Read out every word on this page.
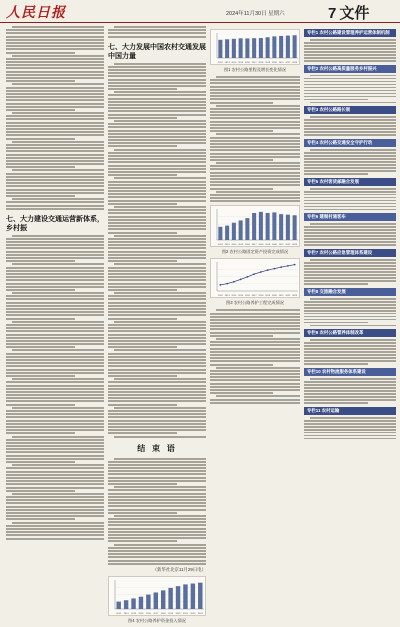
人民日报	2024年11月30日 星期六	7 文件
七、大力建设交通运营新体系，
乡村振
七、大力发展中国农村交通发展
中国力量
结 束 语
（新华社北京11月29日电）
2012	2013	2014	2015	2016	2017	2018	2019	2020	2021	2022	2023
图4 农村公路养护资金投入情况
2012 2013 2014 2015 2016 2017 2018 2019 2020 2021 2022 2023
图1 农村公路里程及增长变化情况
2012 2013 2014 2015 2016 2017 2018 2019 2020 2021 2022 2023
图2 农村公路固定资产投资完成情况
2012 2013 2014 2015 2016 2017 2018 2019 2020 2021 2022 2023
图3 农村公路养护工程完成情况
专栏1 农村公路建设管理养护运营体制机制
专栏2 农村公路高质量服务乡村振兴
专栏3 农村公路路长制
专栏4 农村公路交通安全守护行动
专栏5 农村客货邮融合发展
专栏6 建制村通客车
专栏7 农村公路应急管理体系建设
专栏8 交旅融合发展
专栏9 农村公路管养体制改革
专栏10 农村物流服务体系建设
专栏11 农村运输
